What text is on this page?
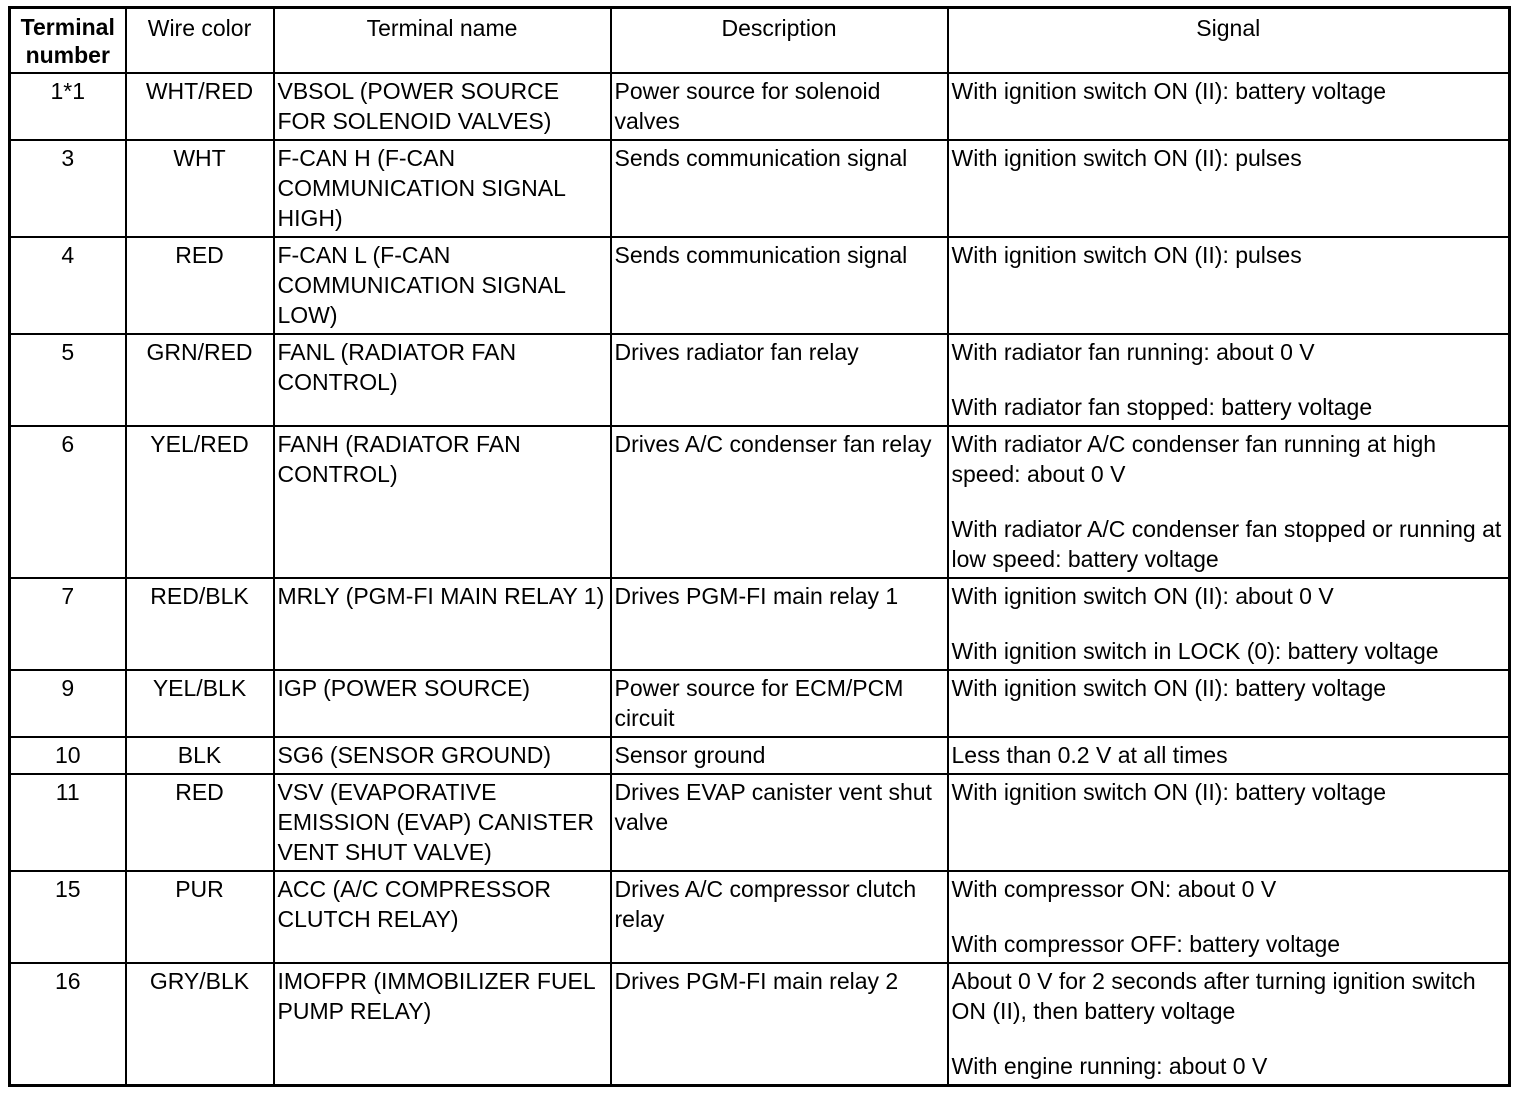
Terminal number	Wire color	Terminal name	Description	Signal
1*1	WHT/RED	VBSOL (POWER SOURCE FOR SOLENOID VALVES)	Power source for solenoid valves	With ignition switch ON (II): battery voltage

3	WHT	F-CAN H (F-CAN COMMUNICATION SIGNAL HIGH)	Sends communication signal	With ignition switch ON (II): pulses

4	RED	F-CAN L (F-CAN COMMUNICATION SIGNAL LOW)	Sends communication signal	With ignition switch ON (II): pulses

5	GRN/RED	FANL (RADIATOR FAN CONTROL)	Drives radiator fan relay	With radiator fan running: about 0 V

With radiator fan stopped: battery voltage

6	YEL/RED	FANH (RADIATOR FAN CONTROL)	Drives A/C condenser fan relay	With radiator A/C condenser fan running at high speed: about 0 V

With radiator A/C condenser fan stopped or running at low speed: battery voltage

7	RED/BLK	MRLY (PGM-FI MAIN RELAY 1)	Drives PGM-FI main relay 1	With ignition switch ON (II): about 0 V

With ignition switch in LOCK (0): battery voltage

9	YEL/BLK	IGP (POWER SOURCE)	Power source for ECM/PCM circuit	With ignition switch ON (II): battery voltage

10	BLK	SG6 (SENSOR GROUND)	Sensor ground	Less than 0.2 V at all times

11	RED	VSV (EVAPORATIVE EMISSION (EVAP) CANISTER VENT SHUT VALVE)	Drives EVAP canister vent shut valve	With ignition switch ON (II): battery voltage

15	PUR	ACC (A/C COMPRESSOR CLUTCH RELAY)	Drives A/C compressor clutch relay	With compressor ON: about 0 V

With compressor OFF: battery voltage

16	GRY/BLK	IMOFPR (IMMOBILIZER FUEL PUMP RELAY)	Drives PGM-FI main relay 2	About 0 V for 2 seconds after turning ignition switch ON (II), then battery voltage

With engine running: about 0 V
